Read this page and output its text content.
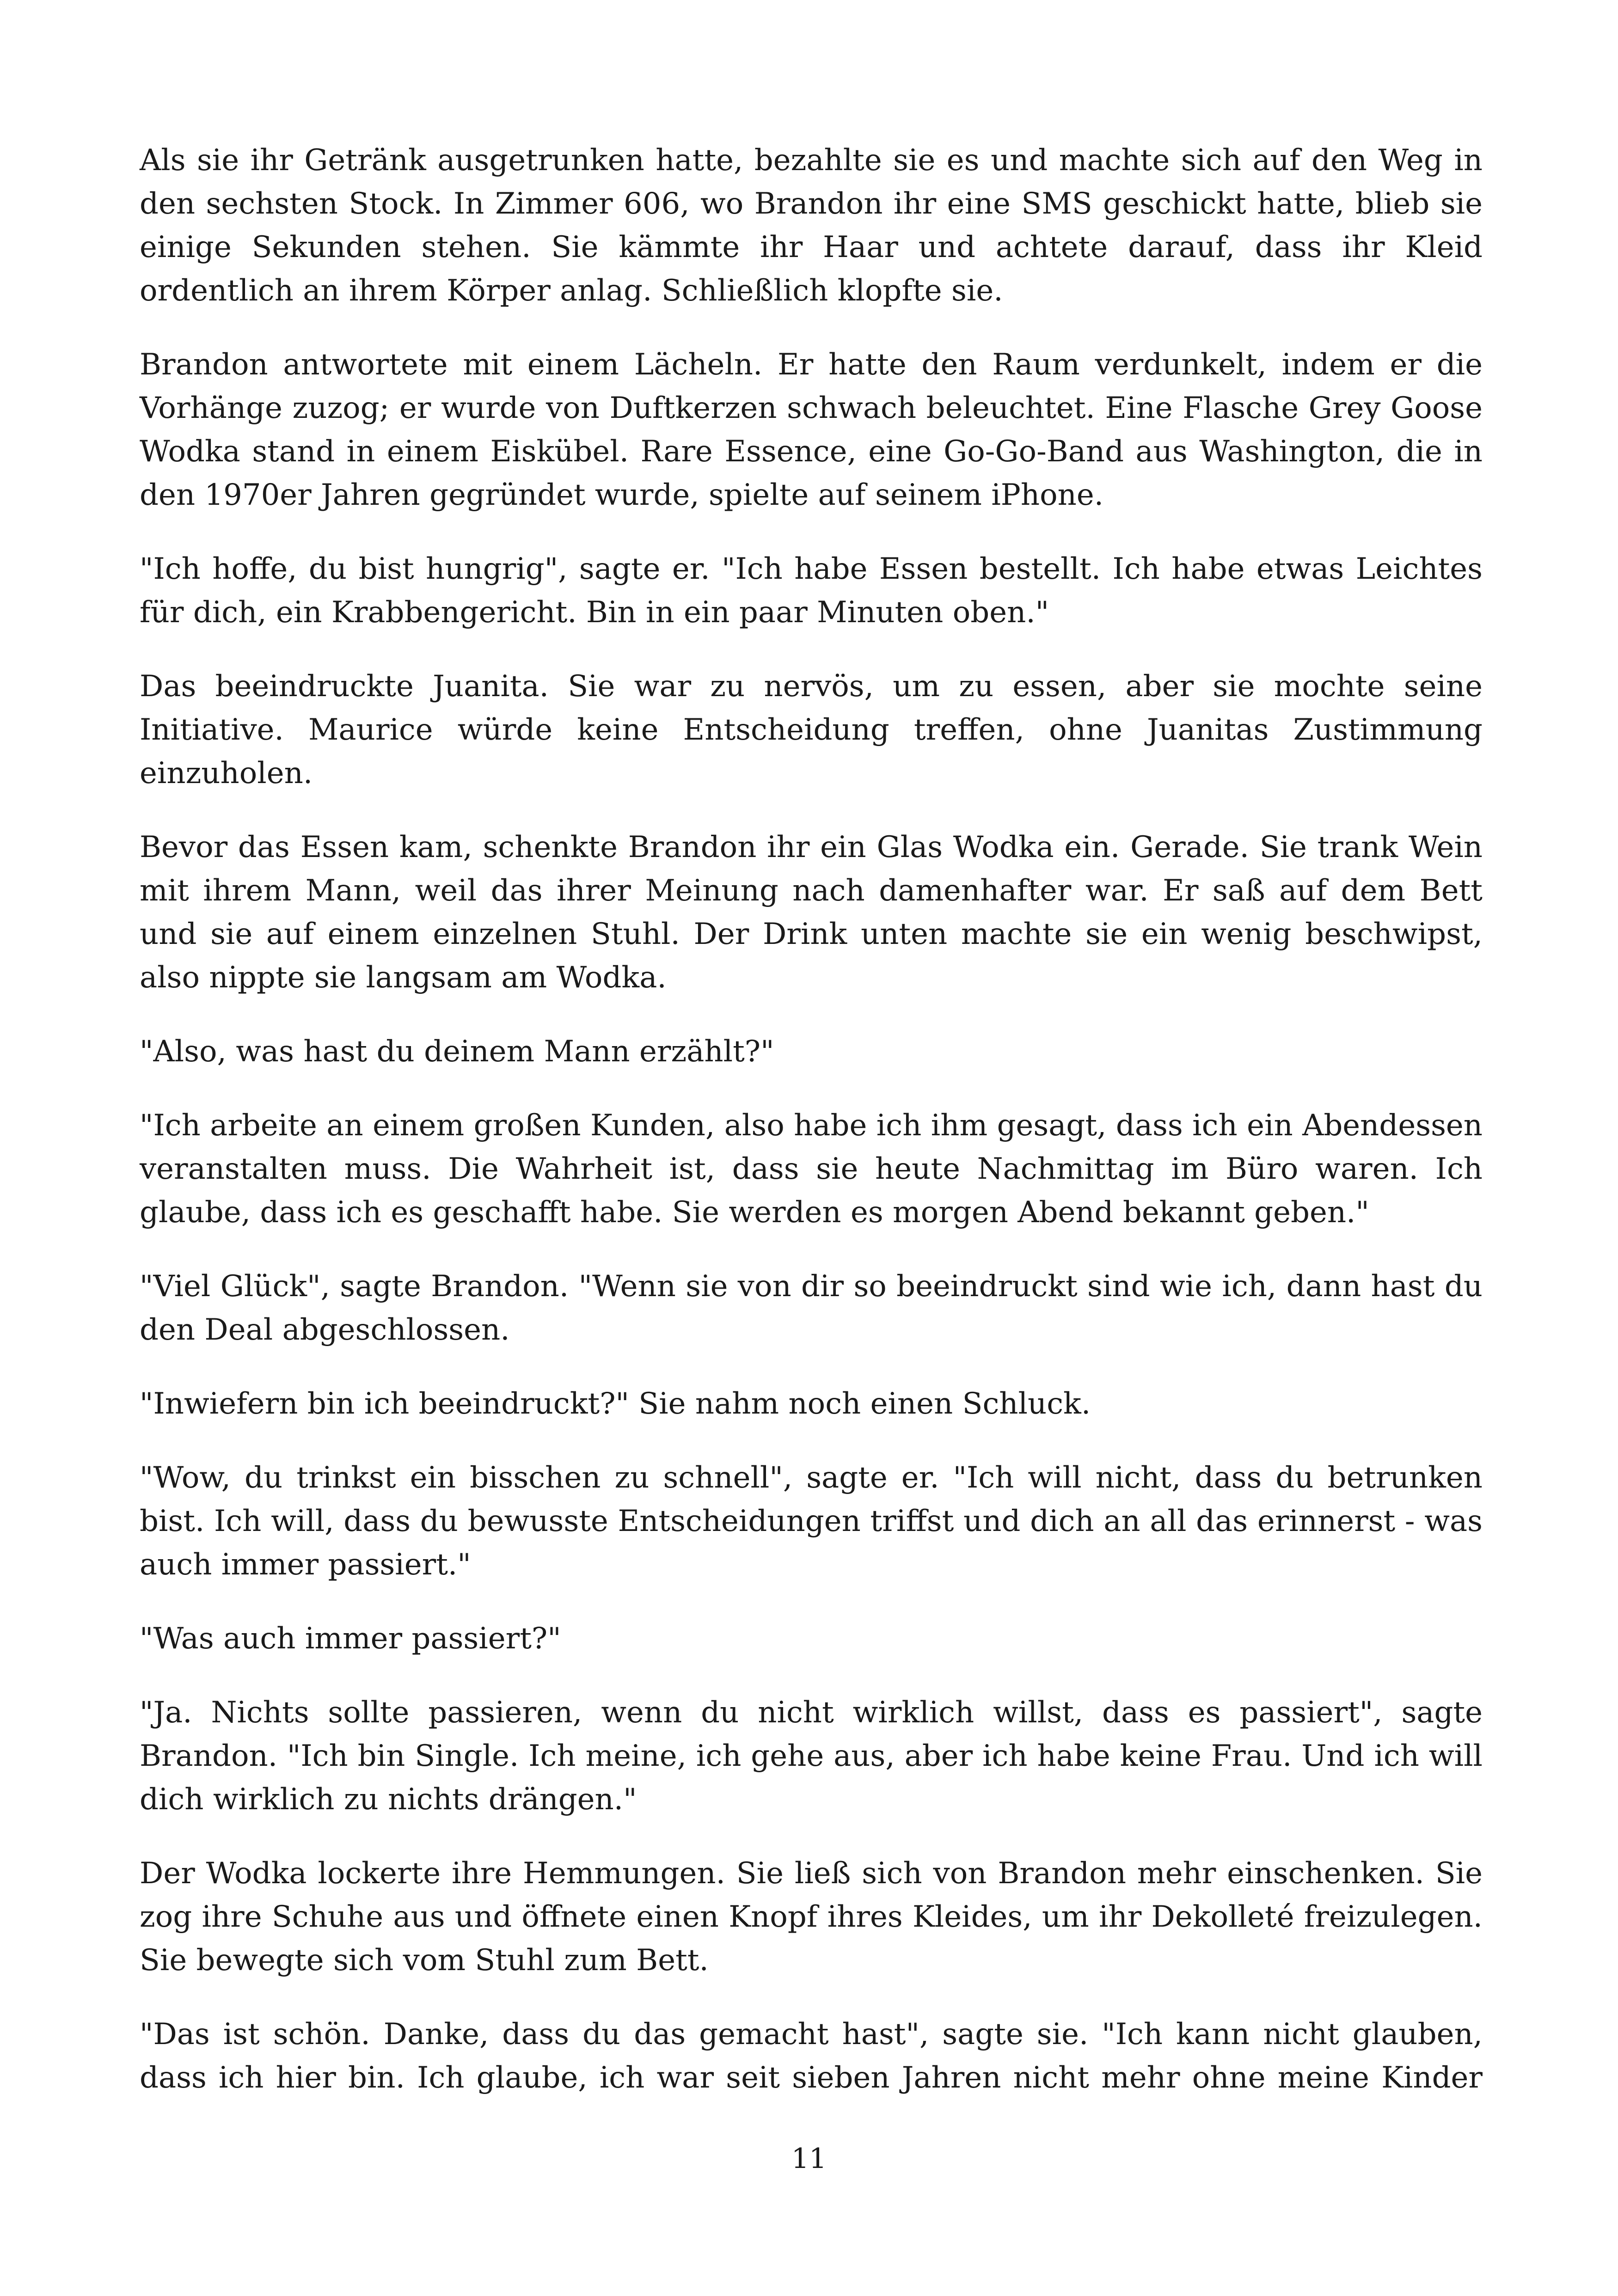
Als sie ihr Getränk ausgetrunken hatte, bezahlte sie es und machte sich auf den Weg in den sechsten Stock. In Zimmer 606, wo Brandon ihr eine SMS geschickt hatte, blieb sie einige Sekunden stehen. Sie kämmte ihr Haar und achtete darauf, dass ihr Kleid ordentlich an ihrem Körper anlag. Schließlich klopfte sie.

Brandon antwortete mit einem Lächeln. Er hatte den Raum verdunkelt, indem er die Vorhänge zuzog; er wurde von Duftkerzen schwach beleuchtet. Eine Flasche Grey Goose Wodka stand in einem Eiskübel. Rare Essence, eine Go-Go-Band aus Washington, die in den 1970er Jahren gegründet wurde, spielte auf seinem iPhone.

"Ich hoffe, du bist hungrig", sagte er. "Ich habe Essen bestellt. Ich habe etwas Leichtes für dich, ein Krabbengericht. Bin in ein paar Minuten oben."

Das beeindruckte Juanita. Sie war zu nervös, um zu essen, aber sie mochte seine Initiative. Maurice würde keine Entscheidung treffen, ohne Juanitas Zustimmung einzuholen.

Bevor das Essen kam, schenkte Brandon ihr ein Glas Wodka ein. Gerade. Sie trank Wein mit ihrem Mann, weil das ihrer Meinung nach damenhafter war. Er saß auf dem Bett und sie auf einem einzelnen Stuhl. Der Drink unten machte sie ein wenig beschwipst, also nippte sie langsam am Wodka.

"Also, was hast du deinem Mann erzählt?"

"Ich arbeite an einem großen Kunden, also habe ich ihm gesagt, dass ich ein Abendessen veranstalten muss. Die Wahrheit ist, dass sie heute Nachmittag im Büro waren. Ich glaube, dass ich es geschafft habe. Sie werden es morgen Abend bekannt geben."

"Viel Glück", sagte Brandon. "Wenn sie von dir so beeindruckt sind wie ich, dann hast du den Deal abgeschlossen.

"Inwiefern bin ich beeindruckt?" Sie nahm noch einen Schluck.

"Wow, du trinkst ein bisschen zu schnell", sagte er. "Ich will nicht, dass du betrunken bist. Ich will, dass du bewusste Entscheidungen triffst und dich an all das erinnerst - was auch immer passiert."

"Was auch immer passiert?"

"Ja. Nichts sollte passieren, wenn du nicht wirklich willst, dass es passiert", sagte Brandon. "Ich bin Single. Ich meine, ich gehe aus, aber ich habe keine Frau. Und ich will dich wirklich zu nichts drängen."

Der Wodka lockerte ihre Hemmungen. Sie ließ sich von Brandon mehr einschenken. Sie zog ihre Schuhe aus und öffnete einen Knopf ihres Kleides, um ihr Dekolleté freizulegen. Sie bewegte sich vom Stuhl zum Bett.

"Das ist schön. Danke, dass du das gemacht hast", sagte sie. "Ich kann nicht glauben, dass ich hier bin. Ich glaube, ich war seit sieben Jahren nicht mehr ohne meine Kinder

11
